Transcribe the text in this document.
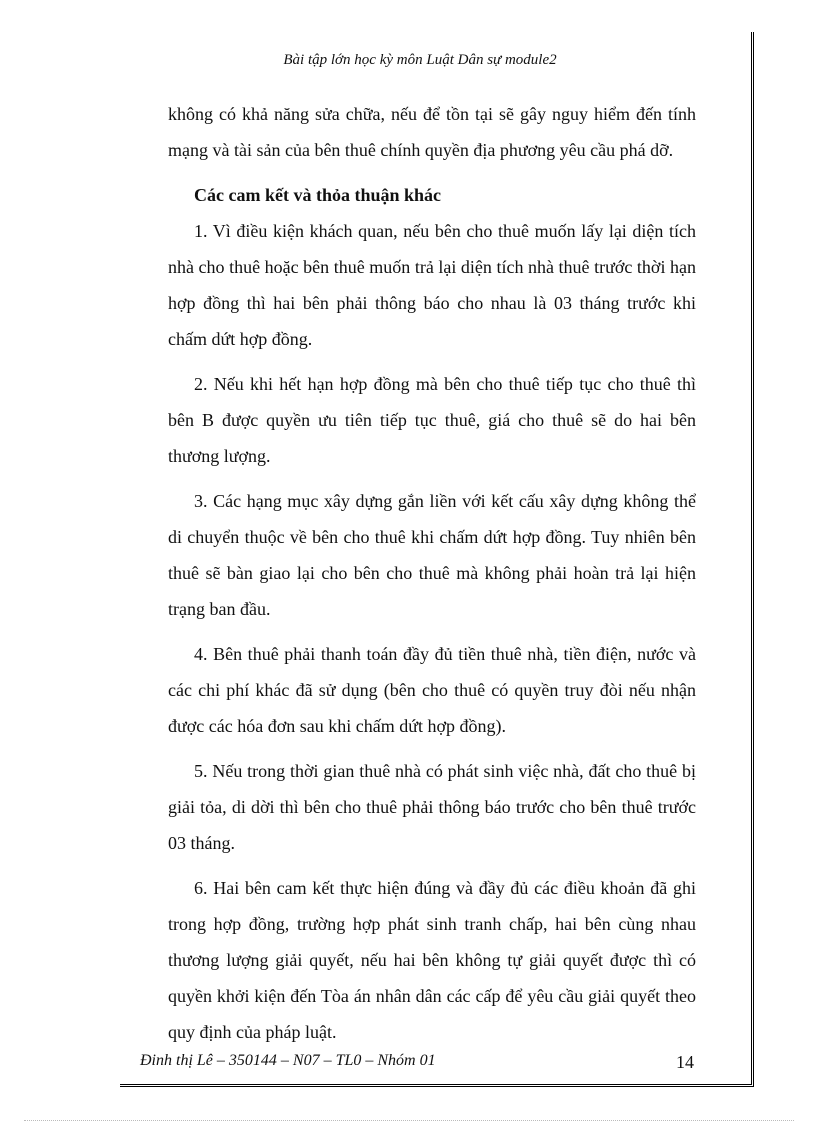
Bài tập lớn học kỳ môn Luật Dân sự module2

không có khả năng sửa chữa, nếu để tồn tại sẽ gây nguy hiểm đến tính mạng và tài sản của bên thuê chính quyền địa phương yêu cầu phá dỡ.

Các cam kết và thỏa thuận khác

1. Vì điều kiện khách quan, nếu bên cho thuê muốn lấy lại diện tích nhà cho thuê hoặc bên thuê muốn trả lại diện tích nhà thuê trước thời hạn hợp đồng thì hai bên phải thông báo cho nhau là 03 tháng trước khi chấm dứt hợp đồng.

2. Nếu khi hết hạn hợp đồng mà bên cho thuê tiếp tục cho thuê thì bên B được quyền ưu tiên tiếp tục thuê, giá cho thuê sẽ do hai bên thương lượng.

3. Các hạng mục xây dựng gắn liền với kết cấu xây dựng không thể di chuyển thuộc về bên cho thuê khi chấm dứt hợp đồng. Tuy nhiên bên thuê sẽ bàn giao lại cho bên cho thuê mà không phải hoàn trả lại hiện trạng ban đầu.

4. Bên thuê phải thanh toán đầy đủ tiền thuê nhà, tiền điện, nước và các chi phí khác đã sử dụng (bên cho thuê có quyền truy đòi nếu nhận được các hóa đơn sau khi chấm dứt hợp đồng).

5. Nếu trong thời gian thuê nhà có phát sinh việc nhà, đất cho thuê bị giải tỏa, di dời thì bên cho thuê phải thông báo trước cho bên thuê trước 03 tháng.

6. Hai bên cam kết thực hiện đúng và đầy đủ các điều khoản đã ghi trong hợp đồng, trường hợp phát sinh tranh chấp, hai bên cùng nhau thương lượng giải quyết, nếu hai bên không tự giải quyết được thì có quyền khởi kiện đến Tòa án nhân dân các cấp để yêu cầu giải quyết theo quy định của pháp luật.

Đinh thị Lê – 350144 – N07 – TL0 – Nhóm 01	14
